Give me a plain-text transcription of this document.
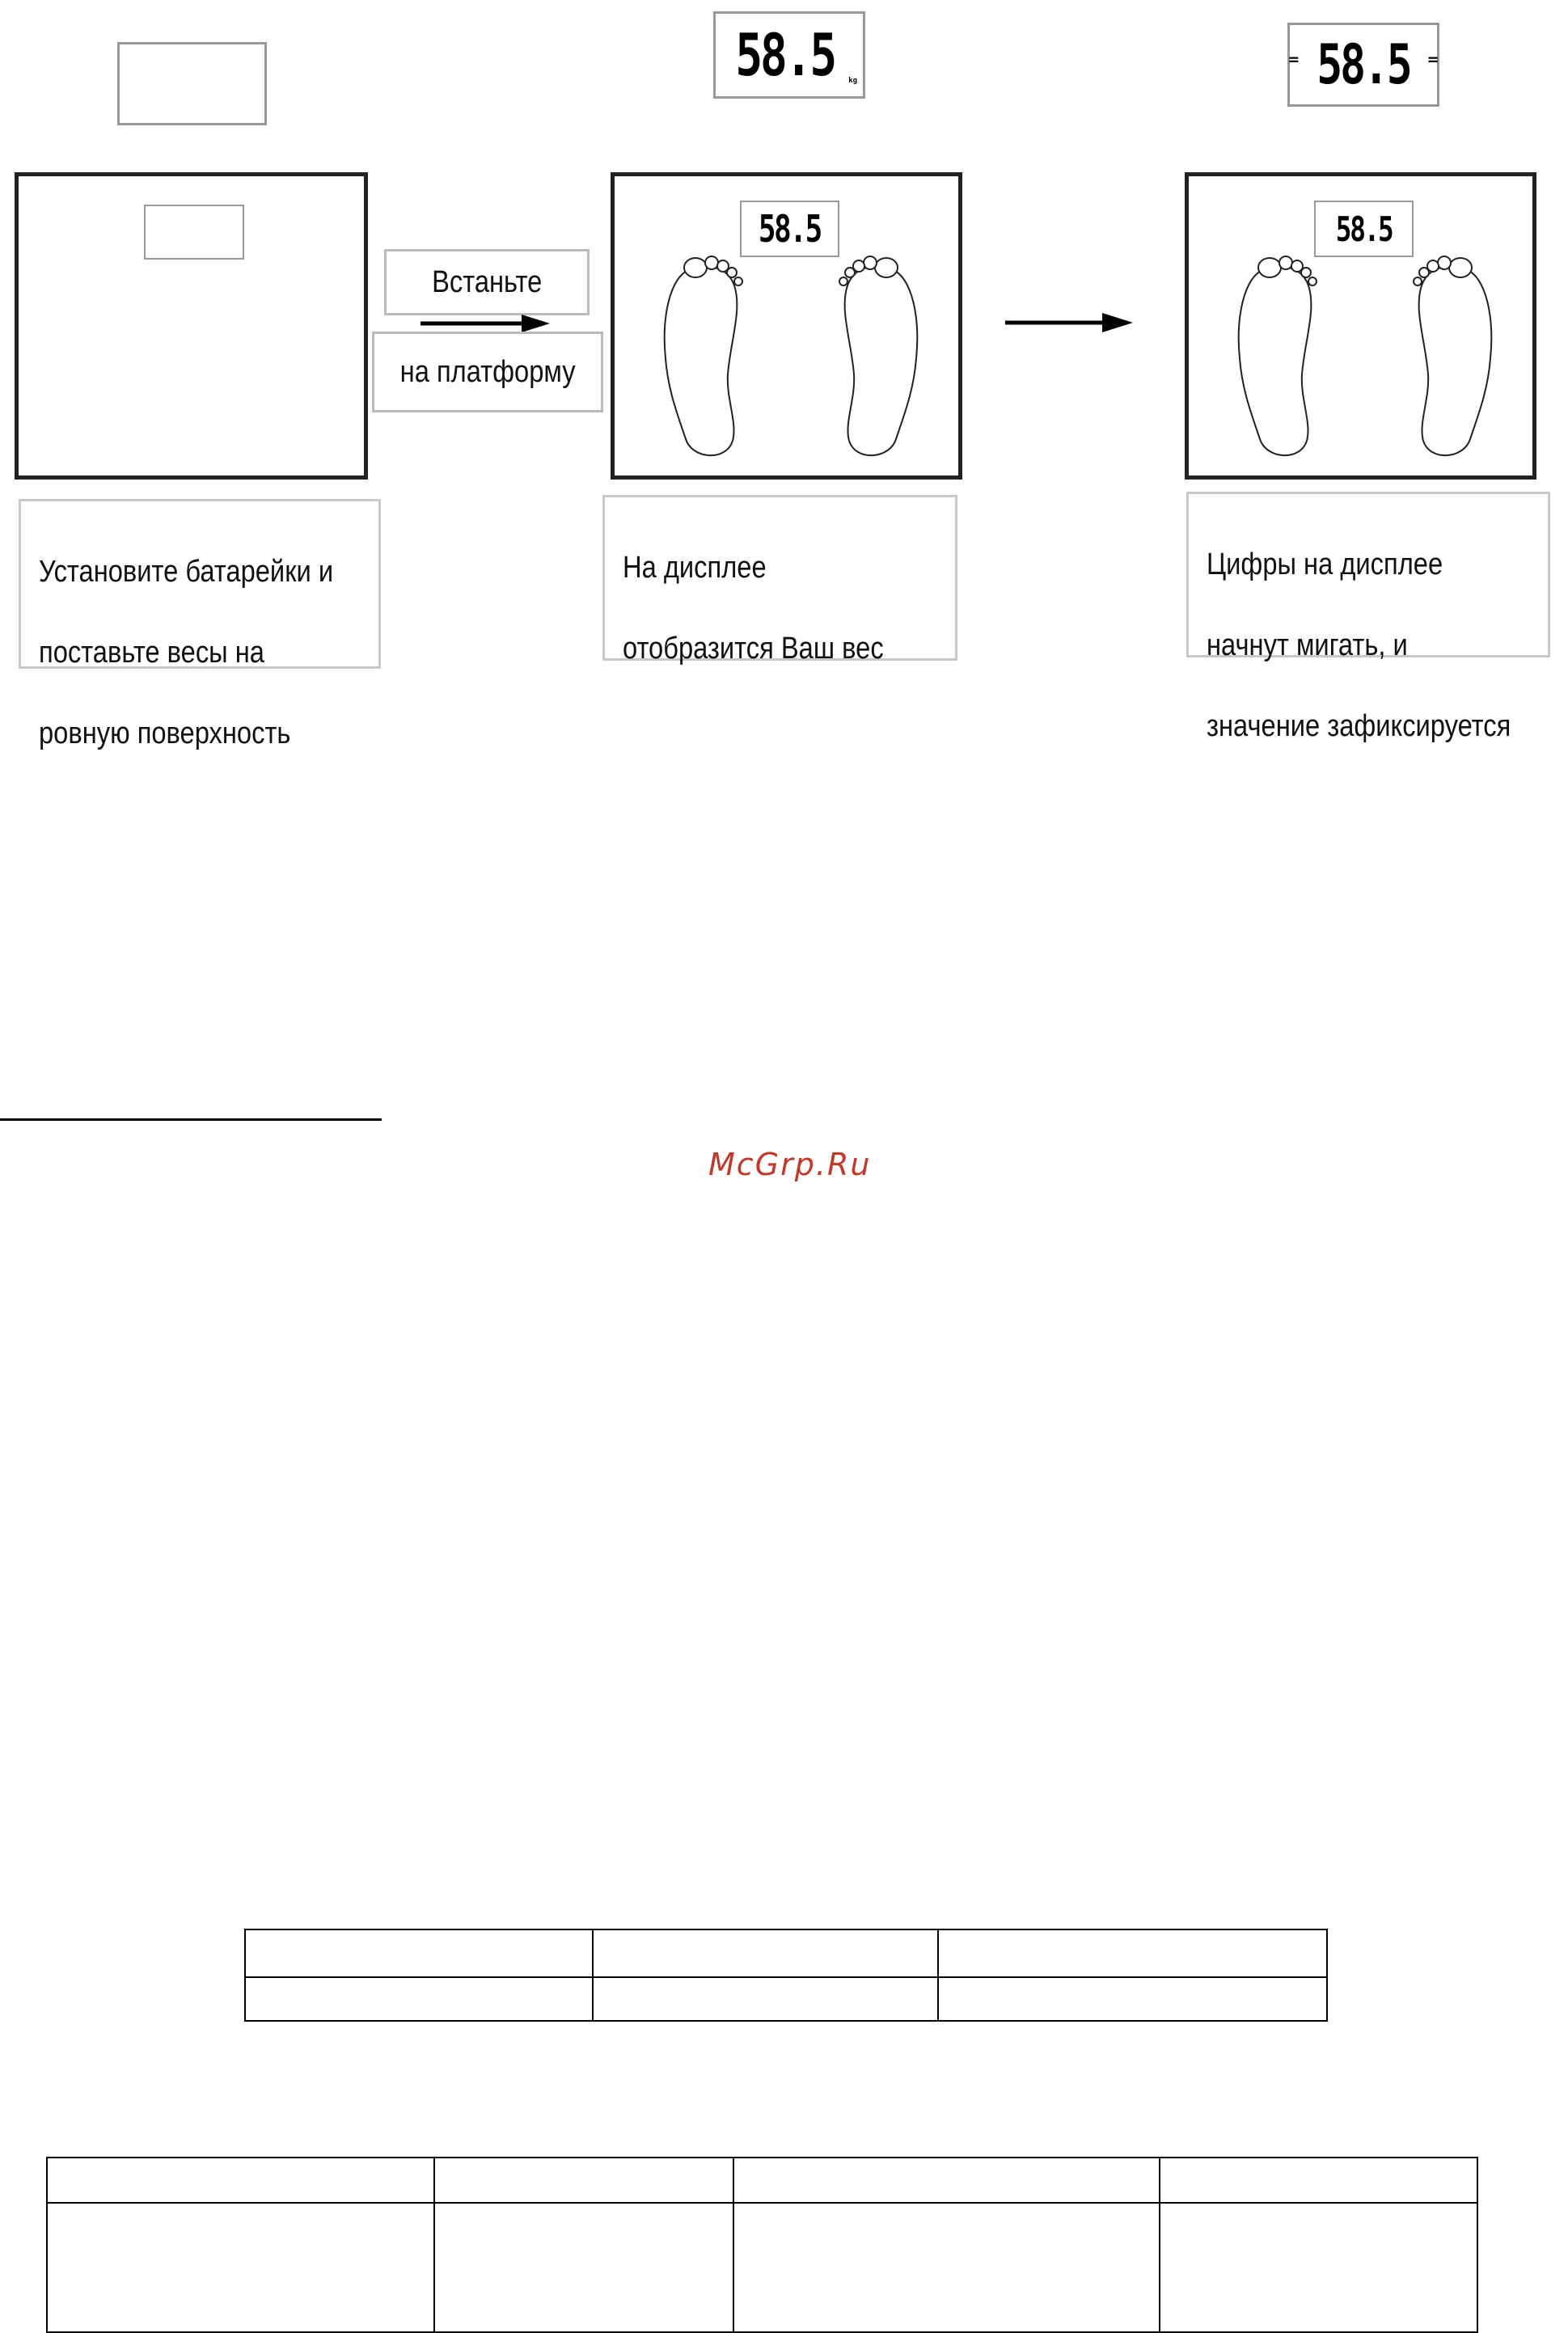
Установите батарейки и

поставьте весы на

ровную поверхность

Встаньте
на платформу
58.5 kg
58.5

На дисплее

отобразится Ваш вес

⁼ 58.5 ⁼
58.5

Цифры на дисплее

начнут мигать, и

значение зафиксируется

McGrp.Ru
